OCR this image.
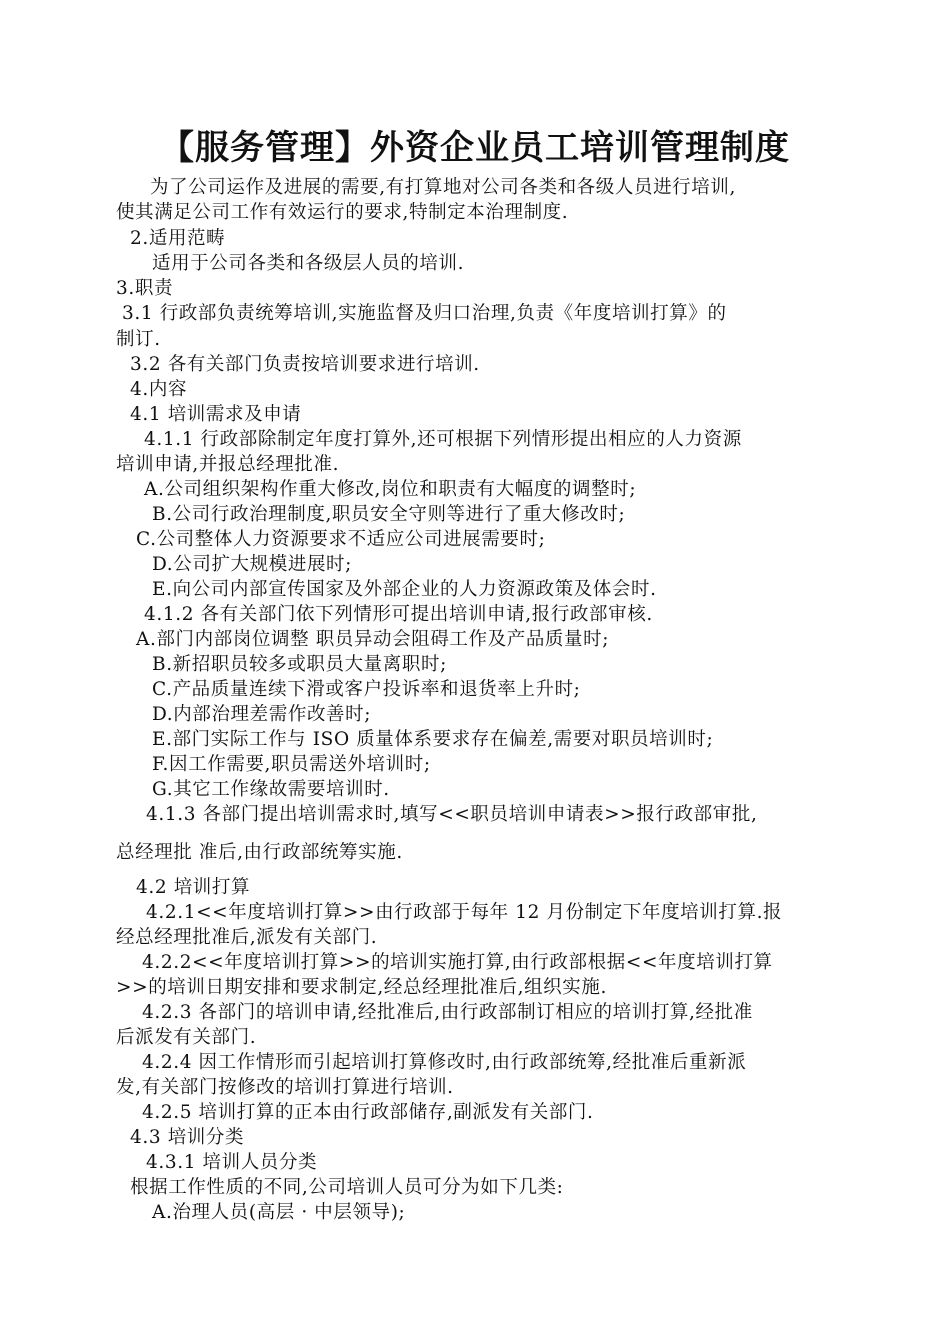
【服务管理】外资企业员工培训管理制度
为了公司运作及进展的需要,有打算地对公司各类和各级人员进行培训,
使其满足公司工作有效运行的要求,特制定本治理制度.
2.适用范畴
适用于公司各类和各级层人员的培训.
3.职责
3.1 行政部负责统筹培训,实施监督及归口治理,负责《年度培训打算》的
制订.
3.2 各有关部门负责按培训要求进行培训.
4.内容
4.1 培训需求及申请
4.1.1 行政部除制定年度打算外,还可根据下列情形提出相应的人力资源
培训申请,并报总经理批准.
A.公司组织架构作重大修改,岗位和职责有大幅度的调整时;
B.公司行政治理制度,职员安全守则等进行了重大修改时;
C.公司整体人力资源要求不适应公司进展需要时;
D.公司扩大规模进展时;
E.向公司内部宣传国家及外部企业的人力资源政策及体会时.
4.1.2 各有关部门依下列情形可提出培训申请,报行政部审核.
A.部门内部岗位调整 职员异动会阻碍工作及产品质量时;
B.新招职员较多或职员大量离职时;
C.产品质量连续下滑或客户投诉率和退货率上升时;
D.内部治理差需作改善时;
E.部门实际工作与 ISO 质量体系要求存在偏差,需要对职员培训时;
F.因工作需要,职员需送外培训时;
G.其它工作缘故需要培训时.
4.1.3 各部门提出培训需求时,填写<<职员培训申请表>>报行政部审批,
总经理批 准后,由行政部统筹实施.
4.2 培训打算
4.2.1<<年度培训打算>>由行政部于每年 12 月份制定下年度培训打算.报
经总经理批准后,派发有关部门.
4.2.2<<年度培训打算>>的培训实施打算,由行政部根据<<年度培训打算
>>的培训日期安排和要求制定,经总经理批准后,组织实施.
4.2.3 各部门的培训申请,经批准后,由行政部制订相应的培训打算,经批准
后派发有关部门.
4.2.4 因工作情形而引起培训打算修改时,由行政部统筹,经批准后重新派
发,有关部门按修改的培训打算进行培训.
4.2.5 培训打算的正本由行政部储存,副派发有关部门.
4.3 培训分类
4.3.1 培训人员分类
根据工作性质的不同,公司培训人员可分为如下几类:
A.治理人员(高层 · 中层领导);
